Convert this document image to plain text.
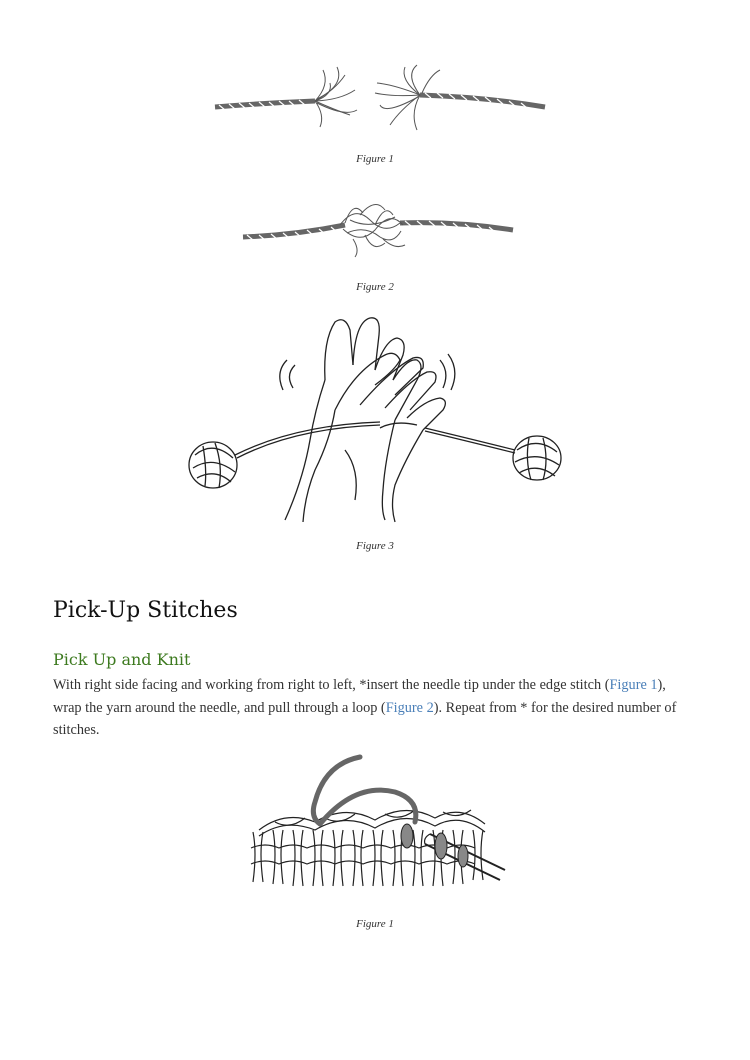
Figure 1
Figure 2
Figure 3
Pick-Up Stitches
Pick Up and Knit

With right side facing and working from right to left, *insert the needle tip under the edge stitch (Figure 1), wrap the yarn around the needle, and pull through a loop (Figure 2). Repeat from * for the desired number of stitches.

Figure 1
